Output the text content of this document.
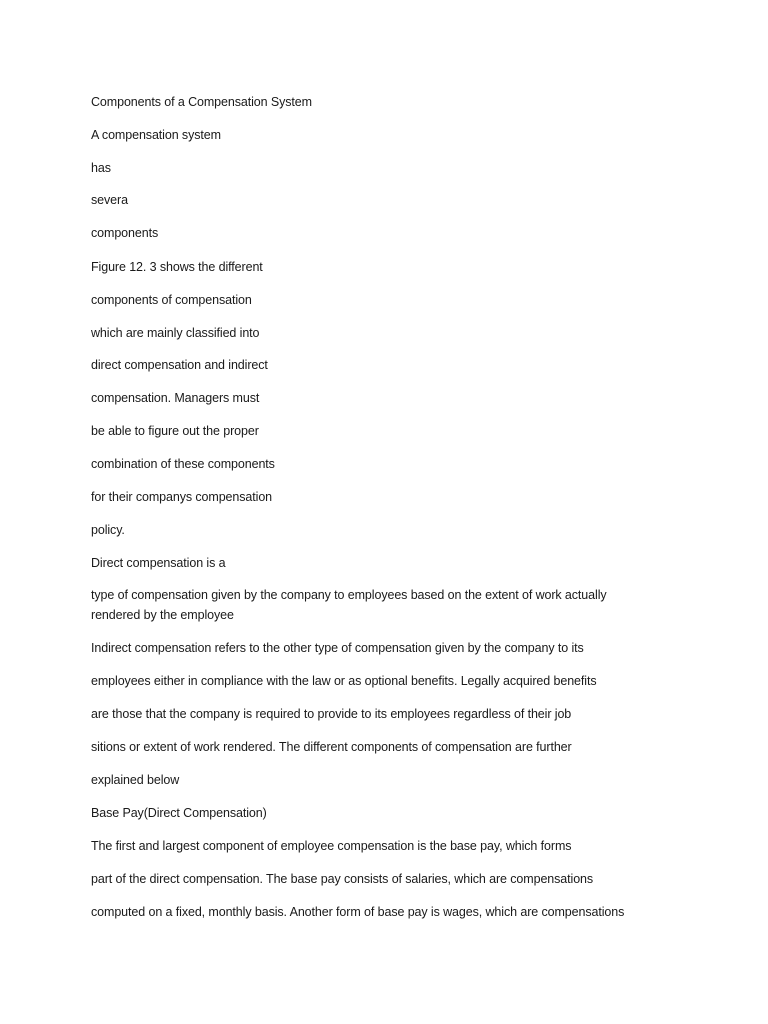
Components of a Compensation System
A compensation system
has
severa
components
Figure 12. 3 shows the different
components of compensation
which are mainly classified into
direct compensation and indirect
compensation. Managers must
be able to figure out the proper
combination of these components
for their companys compensation
policy.
Direct compensation is a
type of compensation given by the company to employees based on the extent of work actually rendered by the employee
Indirect compensation refers to the other type of compensation given by the company to its
employees either in compliance with the law or as optional benefits. Legally acquired benefits
are those that the company is required to provide to its employees regardless of their job
sitions or extent of work rendered. The different components of compensation are further
explained below
Base Pay(Direct Compensation)
The first and largest component of employee compensation is the base pay, which forms
part of the direct compensation. The base pay consists of salaries, which are compensations
computed on a fixed, monthly basis. Another form of base pay is wages, which are compensations
